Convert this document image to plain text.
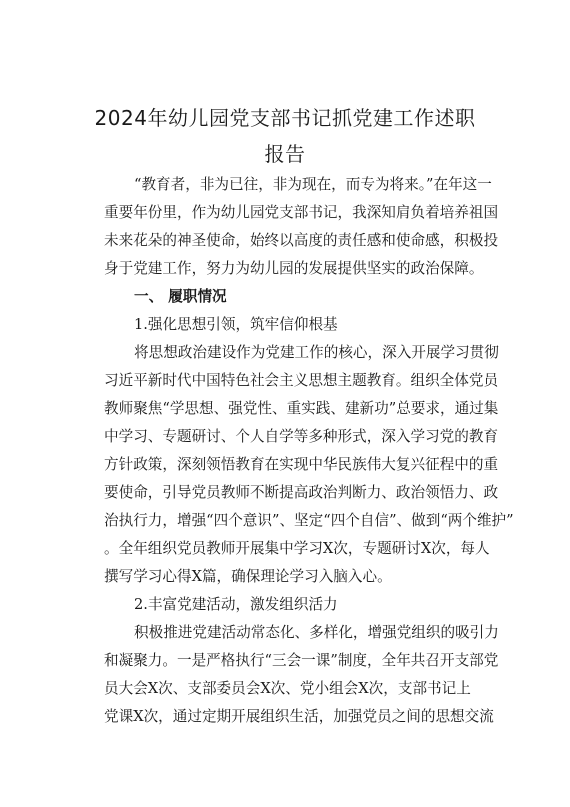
2024年幼儿园党支部书记抓党建工作述职
报告
“教育者，非为已往，非为现在，而专为将来。”在年这一
重要年份里，作为幼儿园党支部书记，我深知肩负着培养祖国
未来花朵的神圣使命，始终以高度的责任感和使命感，积极投
身于党建工作，努力为幼儿园的发展提供坚实的政治保障。
一、 履职情况
1.强化思想引领，筑牢信仰根基
将思想政治建设作为党建工作的核心，深入开展学习贯彻
习近平新时代中国特色社会主义思想主题教育。组织全体党员
教师聚焦“学思想、强党性、重实践、建新功”总要求，通过集
中学习、专题研讨、个人自学等多种形式，深入学习党的教育
方针政策，深刻领悟教育在实现中华民族伟大复兴征程中的重
要使命，引导党员教师不断提高政治判断力、政治领悟力、政
治执行力，增强“四个意识”、坚定“四个自信”、做到“两个维护”
。全年组织党员教师开展集中学习X次，专题研讨X次，每人
撰写学习心得X篇，确保理论学习入脑入心。
2.丰富党建活动，激发组织活力
积极推进党建活动常态化、多样化，增强党组织的吸引力
和凝聚力。一是严格执行“三会一课”制度，全年共召开支部党
员大会X次、支部委员会X次、党小组会X次，支部书记上
党课X次，通过定期开展组织生活，加强党员之间的思想交流
